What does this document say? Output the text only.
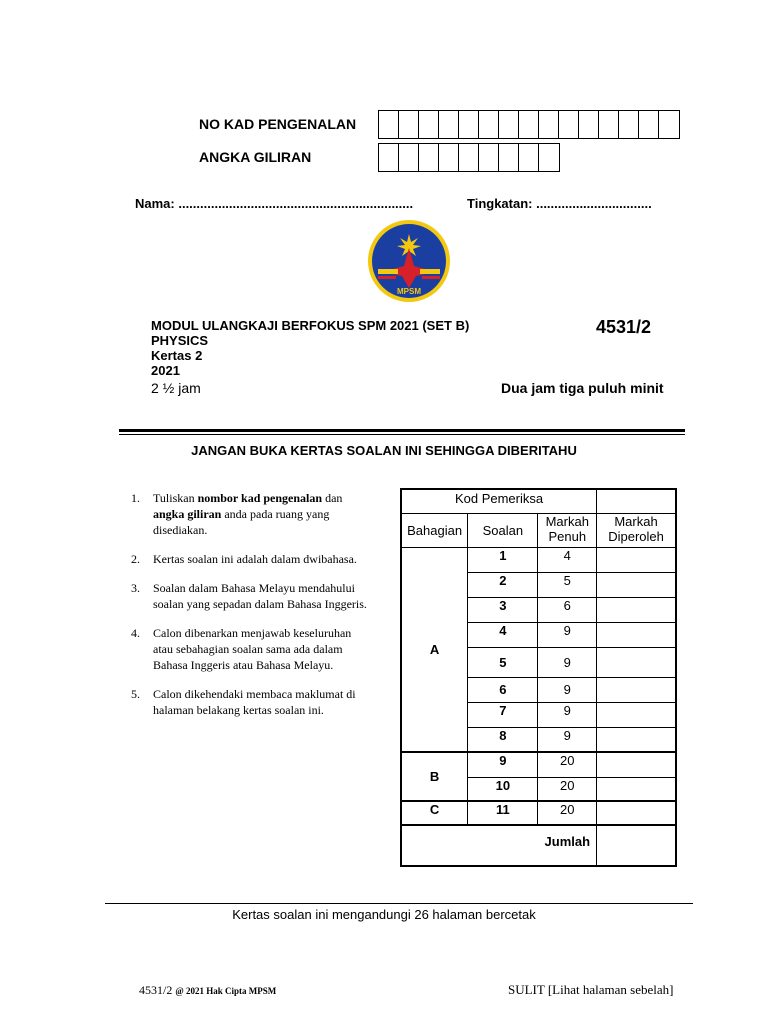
NO KAD PENGENALAN
ANGKA GILIRAN
Nama: .................................................................	Tingkatan: ................................
MPSM
MODUL ULANGKAJI BERFOKUS SPM 2021 (SET B)
PHYSICS
Kertas 2
2021
2 ½ jam
4531/2
Dua jam tiga puluh minit
JANGAN BUKA KERTAS SOALAN INI SEHINGGA DIBERITAHU
1. Tuliskan nombor kad pengenalan dan angka giliran anda pada ruang yang disediakan.
2. Kertas soalan ini adalah dalam dwibahasa.
3. Soalan dalam Bahasa Melayu mendahului soalan yang sepadan dalam Bahasa Inggeris.
4. Calon dibenarkan menjawab keseluruhan atau sebahagian soalan sama ada dalam Bahasa Inggeris atau Bahasa Melayu.
5. Calon dikehendaki membaca maklumat di halaman belakang kertas soalan ini.
Kod Pemeriksa			
Bahagian	Soalan	Markah Penuh	Markah Diperoleh
A	1	4	
	2	5	
	3	6	
	4	9	
	5	9	
	6	9	
	7	9	
	8	9	
B	9	20	
	10	20	
C	11	20	
Jumlah			
Kertas soalan ini mengandungi 26 halaman bercetak
4531/2 @ 2021 Hak Cipta MPSM	SULIT [Lihat halaman sebelah]
